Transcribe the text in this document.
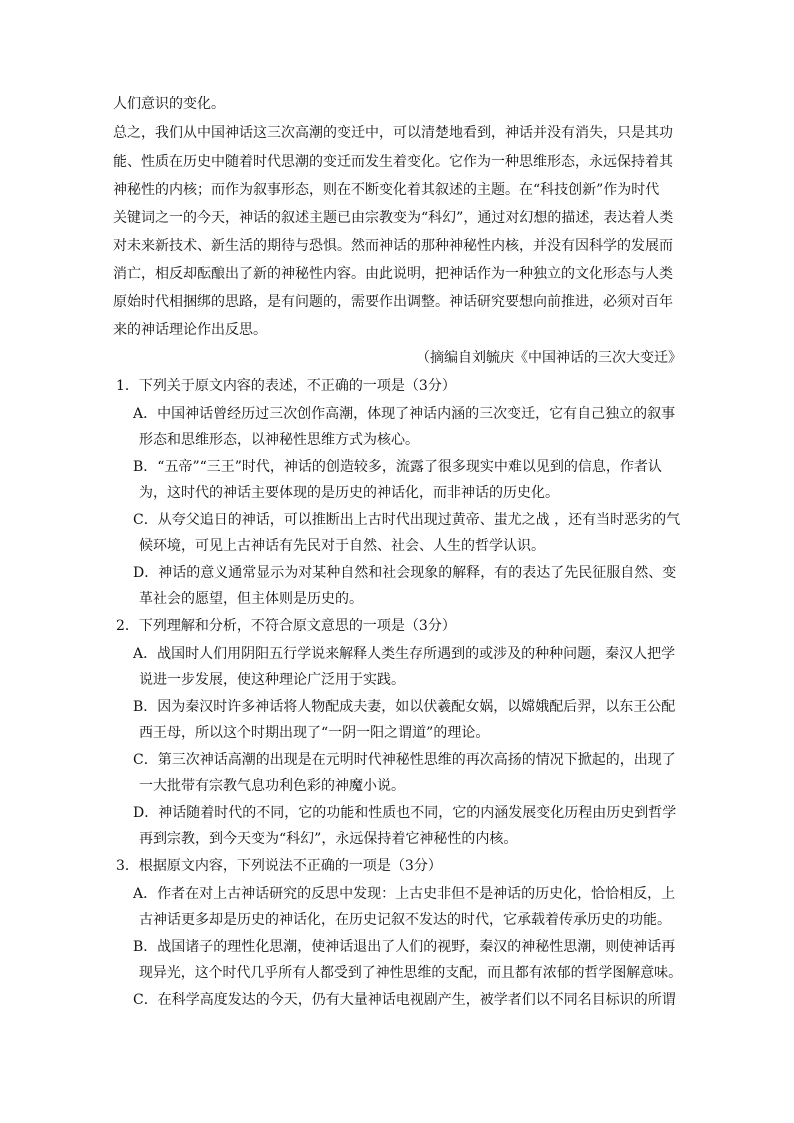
人们意识的变化。
总之，我们从中国神话这三次高潮的变迁中，可以清楚地看到，神话并没有消失，只是其功
能、性质在历史中随着时代思潮的变迁而发生着变化。它作为一种思维形态，永远保持着其
神秘性的内核；而作为叙事形态，则在不断变化着其叙述的主题。在“科技创新”作为时代
关键词之一的今天，神话的叙述主题已由宗教变为“科幻”，通过对幻想的描述，表达着人类
对未来新技术、新生活的期待与恐惧。然而神话的那种神秘性内核，并没有因科学的发展而
消亡，相反却酝酿出了新的神秘性内容。由此说明，把神话作为一种独立的文化形态与人类
原始时代相捆绑的思路，是有问题的，需要作出调整。神话研究要想向前推进，必须对百年
来的神话理论作出反思。
（摘编自刘毓庆《中国神话的三次大变迁》
1．下列关于原文内容的表述，不正确的一项是（3分）
A．中国神话曾经历过三次创作高潮，体现了神话内涵的三次变迁，它有自己独立的叙事
形态和思维形态，以神秘性思维方式为核心。
B．“五帝”“三王”时代，神话的创造较多，流露了很多现实中难以见到的信息，作者认
为，这时代的神话主要体现的是历史的神话化，而非神话的历史化。
C．从夸父追日的神话，可以推断出上古时代出现过黄帝、蚩尤之战 ，还有当时恶劣的气
候环境，可见上古神话有先民对于自然、社会、人生的哲学认识。
D．神话的意义通常显示为对某种自然和社会现象的解释，有的表达了先民征服自然、变
革社会的愿望，但主体则是历史的。
2．下列理解和分析，不符合原文意思的一项是（3分）
A．战国时人们用阴阳五行学说来解释人类生存所遇到的或涉及的种种问题，秦汉人把学
说进一步发展，使这种理论广泛用于实践。
B．因为秦汉时许多神话将人物配成夫妻，如以伏羲配女娲，以嫦娥配后羿，以东王公配
西王母，所以这个时期出现了“一阴一阳之谓道”的理论。
C．第三次神话高潮的出现是在元明时代神秘性思维的再次高扬的情况下掀起的，出现了
一大批带有宗教气息功利色彩的神魔小说。
D．神话随着时代的不同，它的功能和性质也不同，它的内涵发展变化历程由历史到哲学
再到宗教，到今天变为“科幻”，永远保持着它神秘性的内核。
3．根据原文内容，下列说法不正确的一项是（3分）
A．作者在对上古神话研究的反思中发现：上古史非但不是神话的历史化，恰恰相反，上
古神话更多却是历史的神话化，在历史记叙不发达的时代，它承载着传承历史的功能。
B．战国诸子的理性化思潮，使神话退出了人们的视野，秦汉的神秘性思潮，则使神话再
现异光，这个时代几乎所有人都受到了神性思维的支配，而且都有浓郁的哲学图解意味。
C．在科学高度发达的今天，仍有大量神话电视剧产生，被学者们以不同名目标识的所谓
